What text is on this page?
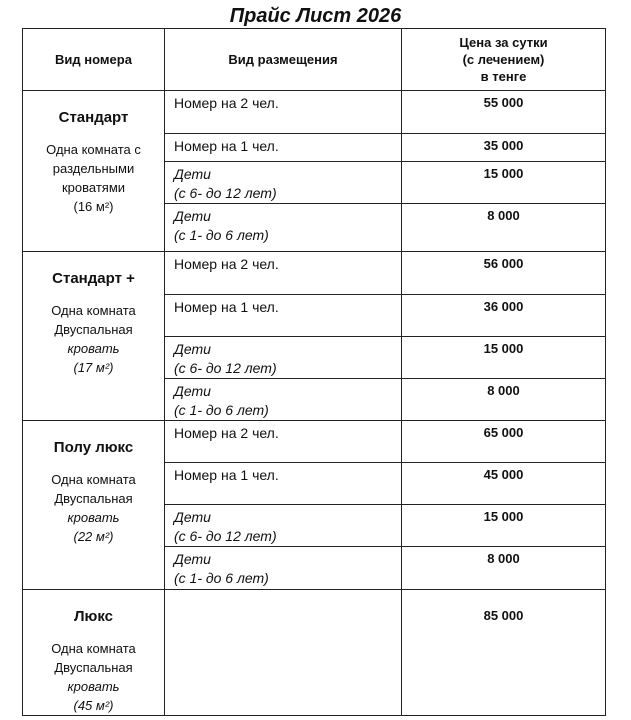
Прайс Лист 2026
Вид номера	Вид размещения	Цена за сутки
(с лечением)
в тенге

Стандарт
Одна комната с
раздельными
кроватями
(16 м²)	Номер на 2 чел.	55 000
	Номер на 1 чел.	35 000

	Дети
(с 6- до 12 лет)	15 000

	Дети
(с 1- до 6 лет)	8 000

Стандарт +
Одна комната
Двуспальная
кровать
(17 м²)	Номер на 2 чел.	56 000
	Номер на 1 чел.	36 000

	Дети
(с 6- до 12 лет)	15 000

	Дети
(с 1- до 6 лет)	8 000

Полу люкс
Одна комната
Двуспальная
кровать
(22 м²)	Номер на 2 чел.	65 000
	Номер на 1 чел.	45 000

	Дети
(с 6- до 12 лет)	15 000

	Дети
(с 1- до 6 лет)	8 000

Люкс
Одна комната
Двуспальная
кровать
(45 м²)		85 000
